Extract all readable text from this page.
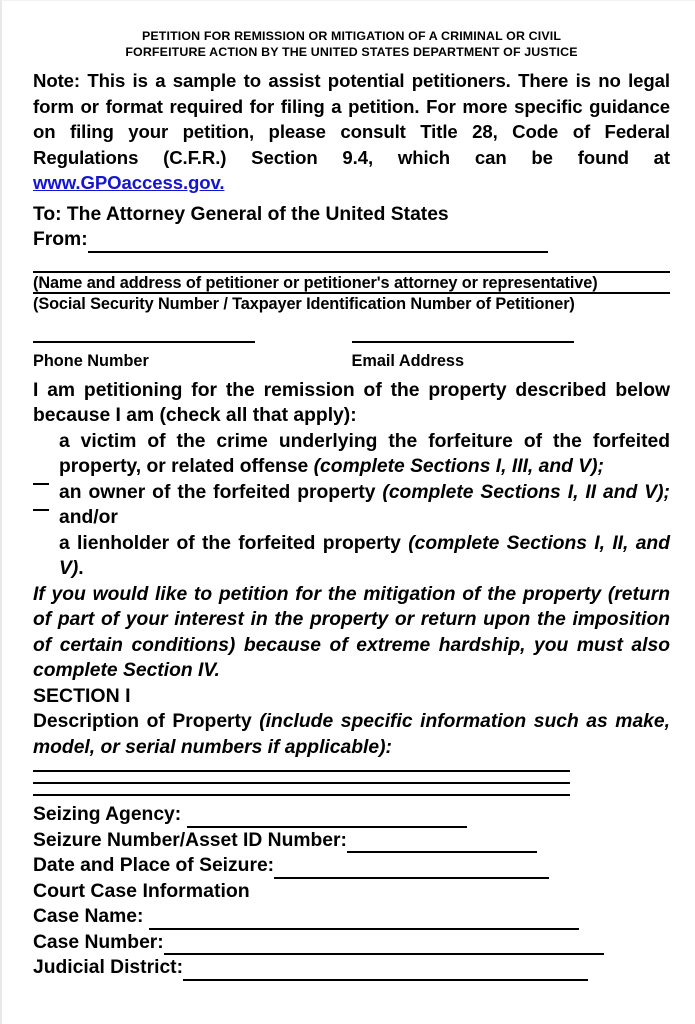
PETITION FOR REMISSION OR MITIGATION OF A CRIMINAL OR CIVIL
FORFEITURE ACTION BY THE UNITED STATES DEPARTMENT OF JUSTICE

Note: This is a sample to assist potential petitioners. There is no legal form or format required for filing a petition. For more specific guidance on filing your petition, please consult Title 28, Code of Federal Regulations (C.F.R.) Section 9.4, which can be found at www.GPOaccess.gov.

To: The Attorney General of the United States

From:

(Name and address of petitioner or petitioner's attorney or representative)

(Social Security Number / Taxpayer Identification Number of Petitioner)

Phone Number	Email Address

I am petitioning for the remission of the property described below because I am (check all that apply):

a victim of the crime underlying the forfeiture of the forfeited property, or related offense (complete Sections I, III, and V);
an owner of the forfeited property (complete Sections I, II and V); and/or
a lienholder of the forfeited property (complete Sections I, II, and V).

If you would like to petition for the mitigation of the property (return of part of your interest in the property or return upon the imposition of certain conditions) because of extreme hardship, you must also complete Section IV.

SECTION I

Description of Property (include specific information such as make, model, or serial numbers if applicable):

Seizing Agency:
Seizure Number/Asset ID Number:
Date and Place of Seizure:

Court Case Information

Case Name:
Case Number:
Judicial District:
